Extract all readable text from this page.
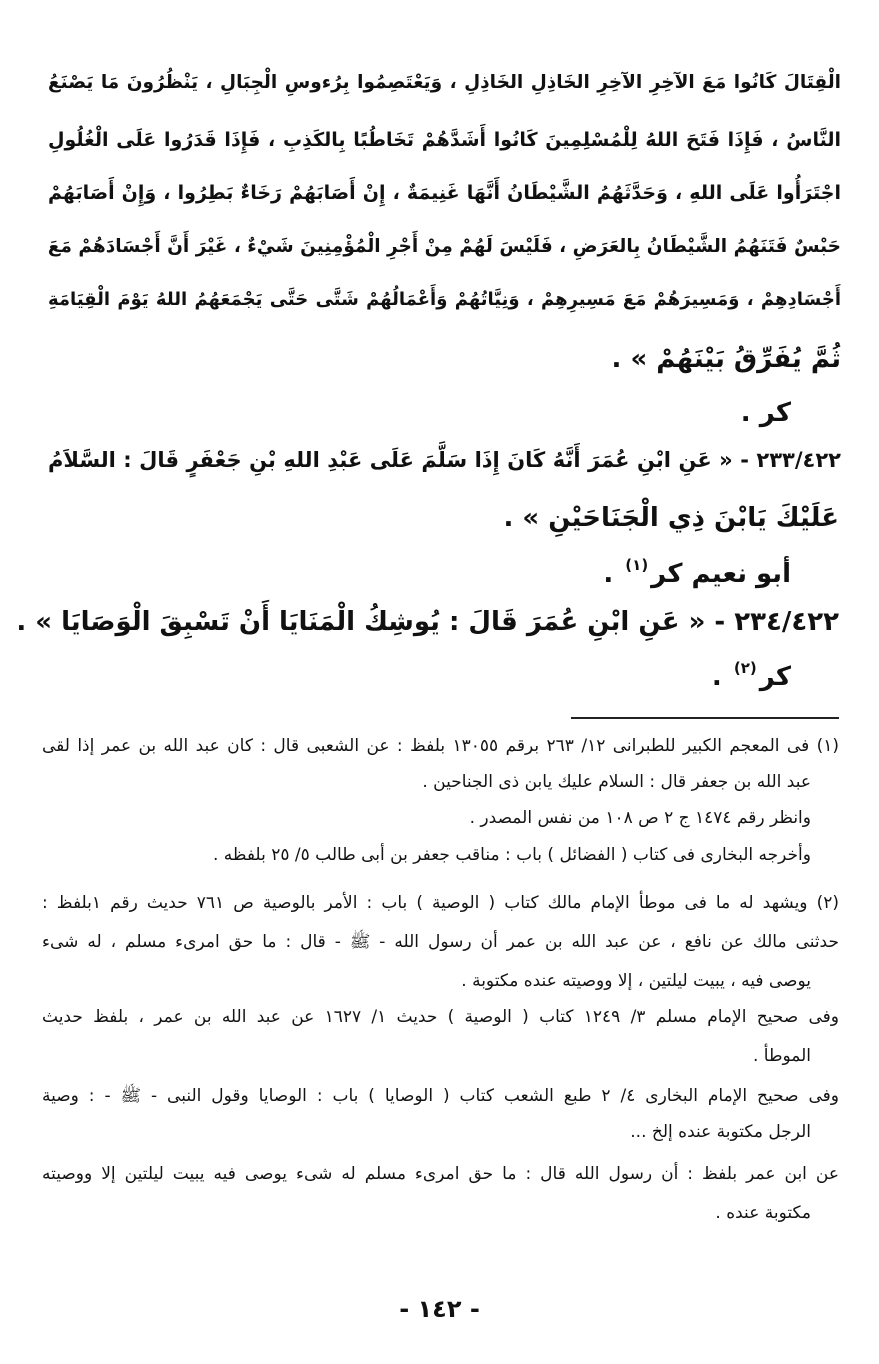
الْقِتَالَ كَانُوا مَعَ الآخِرِ الآخِرِ الخَاذِلِ الخَاذِلِ ، وَيَعْتَصِمُوا بِرُءوسِ الْجِبَالِ ، يَنْظُرُونَ مَا يَصْنَعُ
النَّاسُ ، فَإِذَا فَتَحَ اللهُ لِلْمُسْلِمِينَ كَانُوا أَشَدَّهُمْ تَخَاطُبًا بِالكَذِبِ ، فَإِذَا قَدَرُوا عَلَى الْغُلُولِ
اجْتَرَأُوا عَلَى اللهِ ، وَحَدَّثَهُمُ الشَّيْطَانُ أَنَّهَا غَنِيمَةٌ ، إِنْ أَصَابَهُمْ رَخَاءٌ بَطِرُوا ، وَإِنْ أَصَابَهُمْ
حَبْسٌ فَتَنَهُمُ الشَّيْطَانُ بِالعَرَضِ ، فَلَيْسَ لَهُمْ مِنْ أَجْرِ الْمُؤْمِنِينَ شَيْءٌ ، غَيْرَ أَنَّ أَجْسَادَهُمْ مَعَ
أَجْسَادِهِمْ ، وَمَسِيرَهُمْ مَعَ مَسِيرِهِمْ ، وَنِيَّاتُهُمْ وَأَعْمَالُهُمْ شَتَّى حَتَّى يَجْمَعَهُمُ اللهُ يَوْمَ الْقِيَامَةِ
ثُمَّ يُفَرِّقُ بَيْنَهُمْ » .
كر .
٢٣٣/٤٢٢ - « عَنِ ابْنِ عُمَرَ أَنَّهُ كَانَ إِذَا سَلَّمَ عَلَى عَبْدِ اللهِ بْنِ جَعْفَرٍ قَالَ : السَّلاَمُ
عَلَيْكَ يَابْنَ ذِي الْجَنَاحَيْنِ » .
أبو نعيم كر$^{(١)}$ .
٢٣٤/٤٢٢ - « عَنِ ابْنِ عُمَرَ قَالَ : يُوشِكُ الْمَنَايَا أَنْ تَسْبِقَ الْوَصَايَا » .
كر$^{(٢)}$ .
(١) فى المعجم الكبير للطبرانى ١٢/ ٢٦٣ برقم ١٣٠٥٥ بلفظ : عن الشعبى قال : كان عبد الله بن عمر إذا لقى
عبد الله بن جعفر قال : السلام عليك يابن ذى الجناحين .
وانظر رقم ١٤٧٤ ج ٢ ص ١٠٨ من نفس المصدر .
وأخرجه البخارى فى كتاب ( الفضائل ) باب : مناقب جعفر بن أبى طالب ٥/ ٢٥ بلفظه .
(٢) ويشهد له ما فى موطأ الإمام مالك كتاب ( الوصية ) باب : الأمر بالوصية ص ٧٦١ حديث رقم ١بلفظ :
حدثنى مالك عن نافع ، عن عبد الله بن عمر أن رسول الله - ﷺ - قال : ما حق امرىء مسلم ، له شىء
يوصى فيه ، يبيت ليلتين ، إلا ووصيته عنده مكتوبة .
وفى صحيح الإمام مسلم ٣/ ١٢٤٩ كتاب ( الوصية ) حديث ١/ ١٦٢٧ عن عبد الله بن عمر ، بلفظ حديث
الموطأ .
وفى صحيح الإمام البخارى ٤/ ٢ طبع الشعب كتاب ( الوصايا ) باب : الوصايا وقول النبى - ﷺ - : وصية
الرجل مكتوبة عنده إلخ ...
عن ابن عمر بلفظ : أن رسول الله قال : ما حق امرىء مسلم له شىء يوصى فيه يبيت ليلتين إلا ووصيته
مكتوبة عنده .
- ١٤٢ -
